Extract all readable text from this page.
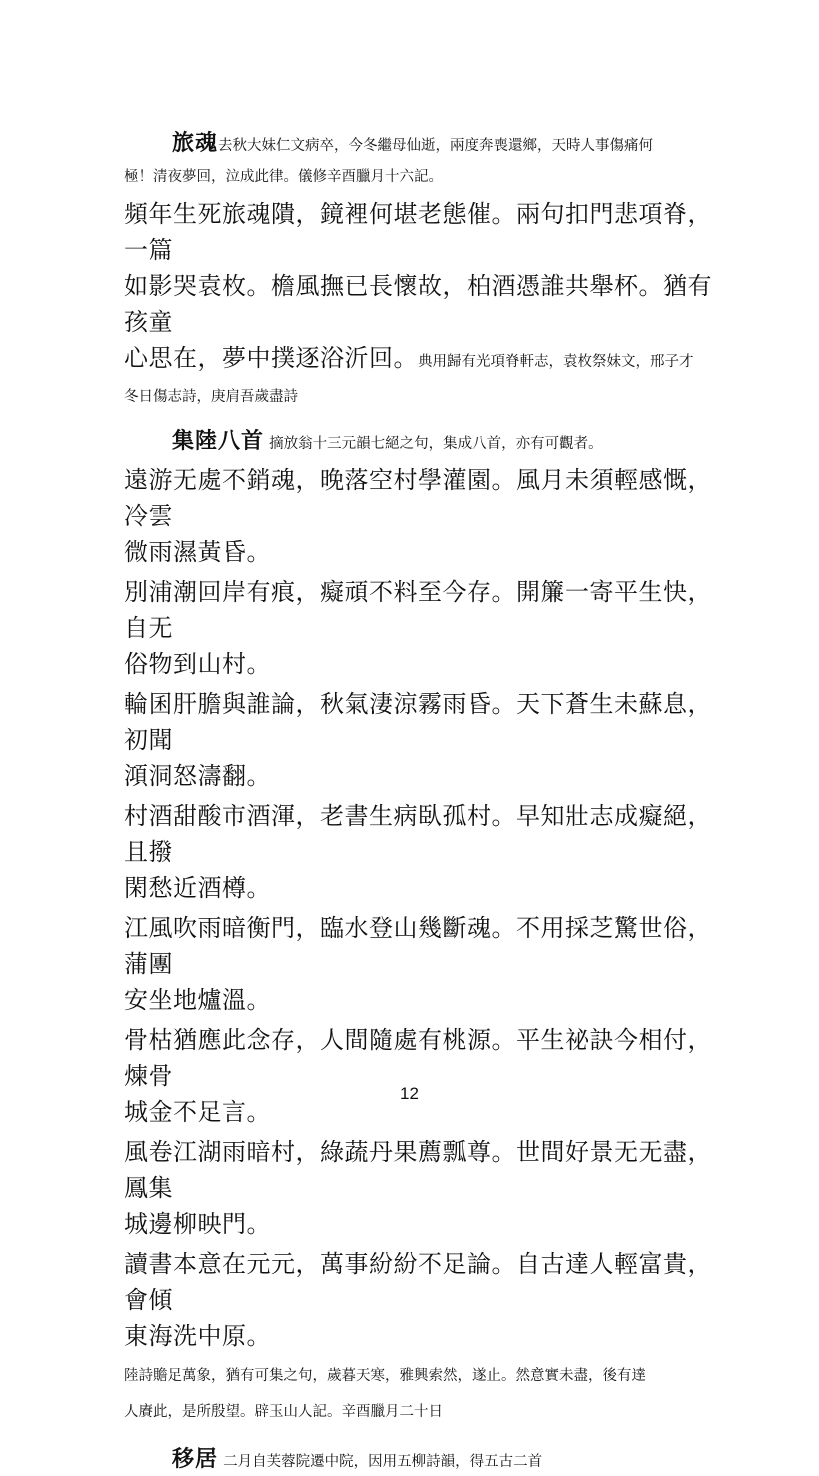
旅魂去秋大妹仁文病卒，今冬繼母仙逝，兩度奔喪還鄉，天時人事傷痛何

極！清夜夢回，泣成此律。儀修辛酉臘月十六記。

頻年生死旅魂隤，鏡裡何堪老態催。兩句扣門悲項脊，一篇

如影哭袁枚。檐風撫已長懷故，柏酒憑誰共舉杯。猶有孩童

心思在，夢中撲逐浴沂回。典用歸有光項脊軒志，袁枚祭妹文，邢子才

冬日傷志詩，庚肩吾歲盡詩

集陸八首 摘放翁十三元韻七絕之句，集成八首，亦有可觀者。

遠游无處不銷魂，晚落空村學灌園。風月未須輕感慨，冷雲

微雨濕黃昏。

別浦潮回岸有痕，癡頑不料至今存。開簾一寄平生快，自无

俗物到山村。

輪囷肝膽與誰論，秋氣淒涼霧雨昏。天下蒼生未蘇息，初聞

澒洞怒濤翻。

村酒甜酸市酒渾，老書生病臥孤村。早知壯志成癡絕，且撥

閑愁近酒樽。

江風吹雨暗衡門，臨水登山幾斷魂。不用採芝驚世俗，蒲團

安坐地爐溫。

骨枯猶應此念存，人間隨處有桃源。平生祕訣今相付，煉骨

城金不足言。

風卷江湖雨暗村，綠蔬丹果薦瓢尊。世間好景无无盡，鳳集

城邊柳映門。

讀書本意在元元，萬事紛紛不足論。自古達人輕富貴，會傾

東海洗中原。

陸詩贍足萬象，猶有可集之句，歲暮天寒，雅興索然，遂止。然意實未盡，後有達
人賡此，是所殷望。辟玉山人記。辛酉臘月二十日
移居 二月自芙蓉院遷中院，因用五柳詩韻，得五古二首
12
